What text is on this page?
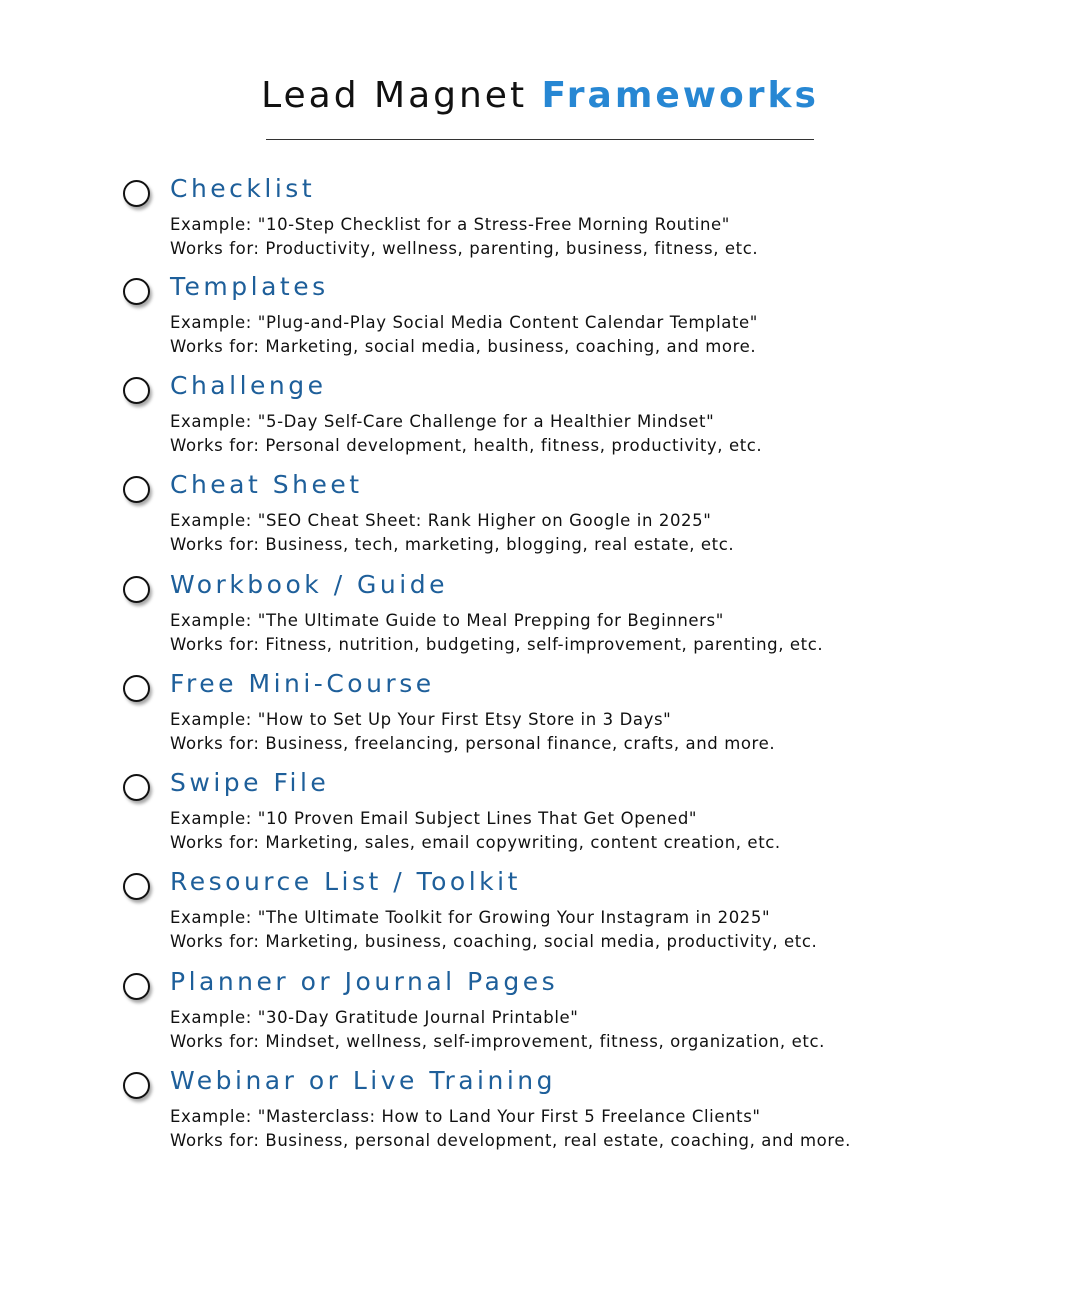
Lead Magnet Frameworks
Checklist
Example: "10-Step Checklist for a Stress-Free Morning Routine"
Works for: Productivity, wellness, parenting, business, fitness, etc.
Templates
Example: "Plug-and-Play Social Media Content Calendar Template"
Works for: Marketing, social media, business, coaching, and more.
Challenge
Example: "5-Day Self-Care Challenge for a Healthier Mindset"
Works for: Personal development, health, fitness, productivity, etc.
Cheat Sheet
Example: "SEO Cheat Sheet: Rank Higher on Google in 2025"
Works for: Business, tech, marketing, blogging, real estate, etc.
Workbook / Guide
Example: "The Ultimate Guide to Meal Prepping for Beginners"
Works for: Fitness, nutrition, budgeting, self-improvement, parenting, etc.
Free Mini-Course
Example: "How to Set Up Your First Etsy Store in 3 Days"
Works for: Business, freelancing, personal finance, crafts, and more.
Swipe File
Example: "10 Proven Email Subject Lines That Get Opened"
Works for: Marketing, sales, email copywriting, content creation, etc.
Resource List / Toolkit
Example: "The Ultimate Toolkit for Growing Your Instagram in 2025"
Works for: Marketing, business, coaching, social media, productivity, etc.
Planner or Journal Pages
Example: "30-Day Gratitude Journal Printable"
Works for: Mindset, wellness, self-improvement, fitness, organization, etc.
Webinar or Live Training
Example: "Masterclass: How to Land Your First 5 Freelance Clients"
Works for: Business, personal development, real estate, coaching, and more.
